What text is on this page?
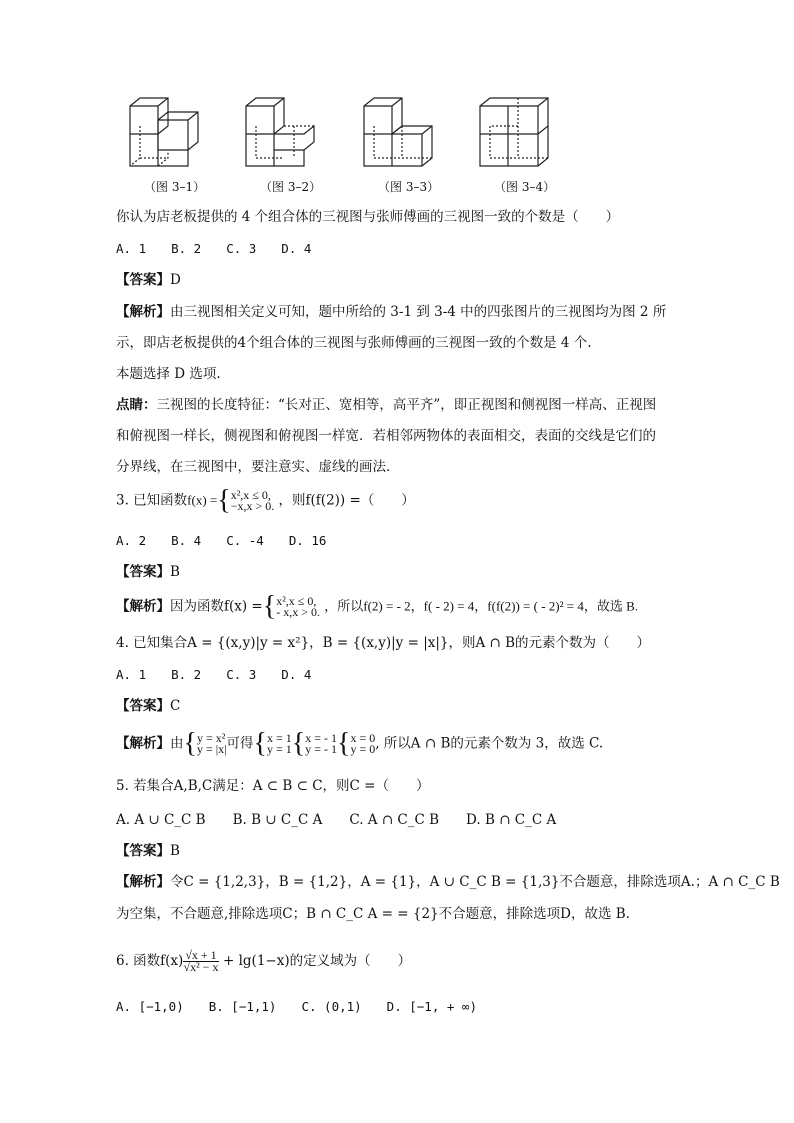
（图 3–1）	（图 3–2）	（图 3–3）	（图 3–4）
你认为店老板提供的 4 个组合体的三视图与张师傅画的三视图一致的个数是（　　）
A. 1　　B. 2　　C. 3　　D. 4
【答案】D
【解析】由三视图相关定义可知，题中所给的 3-1 到 3-4 中的四张图片的三视图均为图 2 所
示，即店老板提供的4个组合体的三视图与张师傅画的三视图一致的个数是 4 个.
本题选择 D 选项.
点睛：三视图的长度特征：“长对正、宽相等，高平齐”，即正视图和侧视图一样高、正视图
和俯视图一样长，侧视图和俯视图一样宽．若相邻两物体的表面相交，表面的交线是它们的
分界线，在三视图中，要注意实、虚线的画法．
3. 已知函数f(x) ={x²,x ≤ 0,
−x,x > 0. ，则f(f(2)) =（　　）
A. 2　　B. 4　　C. -4　　D. 16
【答案】B
【解析】因为函数f(x) ={x²,x ≤ 0,
- x,x > 0. ，所以f(2) = - 2，f( - 2) = 4，f(f(2)) = ( - 2)² = 4，故选 B.
4. 已知集合A = {(x,y)|y = x²}，B = {(x,y)|y = |x|}，则A ∩ B的元素个数为（　　）
A. 1　　B. 2　　C. 3　　D. 4
【答案】C
【解析】由{y = x²
y = |x|可得{x = 1
y = 1{x = - 1
y = - 1{x = 0
y = 0, 所以A ∩ B的元素个数为 3，故选 C.
5. 若集合A,B,C满足：A ⊂ B ⊂ C，则C =（　　）
A. A ∪ C_C B　　B. B ∪ C_C A　　C. A ∩ C_C B　　D. B ∩ C_C A
【答案】B
【解析】令C = {1,2,3}，B = {1,2}，A = {1}，A ∪ C_C B = {1,3}不合题意，排除选项A.；A ∩ C_C B
为空集，不合题意,排除选项C；B ∩ C_C A = = {2}不合题意，排除选项D，故选 B.
6. 函数$f(x)\frac{√x + 1}{\text{√x² − x}} + \lg(1-x)$的定义域为（　　）
A. [−1,0)　　B. [−1,1)　　C. (0,1)　　D. [−1, + ∞)
